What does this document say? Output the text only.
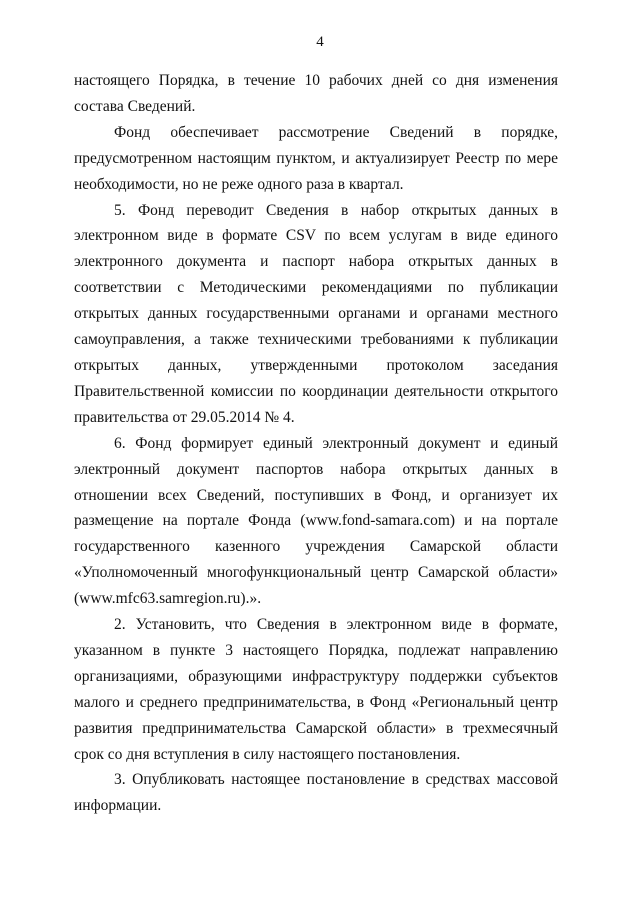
4

настоящего Порядка, в течение 10 рабочих дней со дня изменения состава Сведений.

Фонд обеспечивает рассмотрение Сведений в порядке, предусмотренном настоящим пунктом, и актуализирует Реестр по мере необходимости, но не реже одного раза в квартал.

5. Фонд переводит Сведения в набор открытых данных в электронном виде в формате CSV по всем услугам в виде единого электронного документа и паспорт набора открытых данных в соответствии с Методическими рекомендациями по публикации открытых данных государственными органами и органами местного самоуправления, а также техническими требованиями к публикации открытых данных, утвержденными протоколом заседания Правительственной комиссии по координации деятельности открытого правительства от 29.05.2014 № 4.

6. Фонд формирует единый электронный документ и единый электронный документ паспортов набора открытых данных в отношении всех Сведений, поступивших в Фонд, и организует их размещение на портале Фонда (www.fond-samara.com) и на портале государственного казенного учреждения Самарской области «Уполномоченный многофункциональный центр Самарской области» (www.mfc63.samregion.ru).».

2. Установить, что Сведения в электронном виде в формате, указанном в пункте 3 настоящего Порядка, подлежат направлению организациями, образующими инфраструктуру поддержки субъектов малого и среднего предпринимательства, в Фонд «Региональный центр развития предпринимательства Самарской области» в трехмесячный срок со дня вступления в силу настоящего постановления.

3. Опубликовать настоящее постановление в средствах массовой информации.
